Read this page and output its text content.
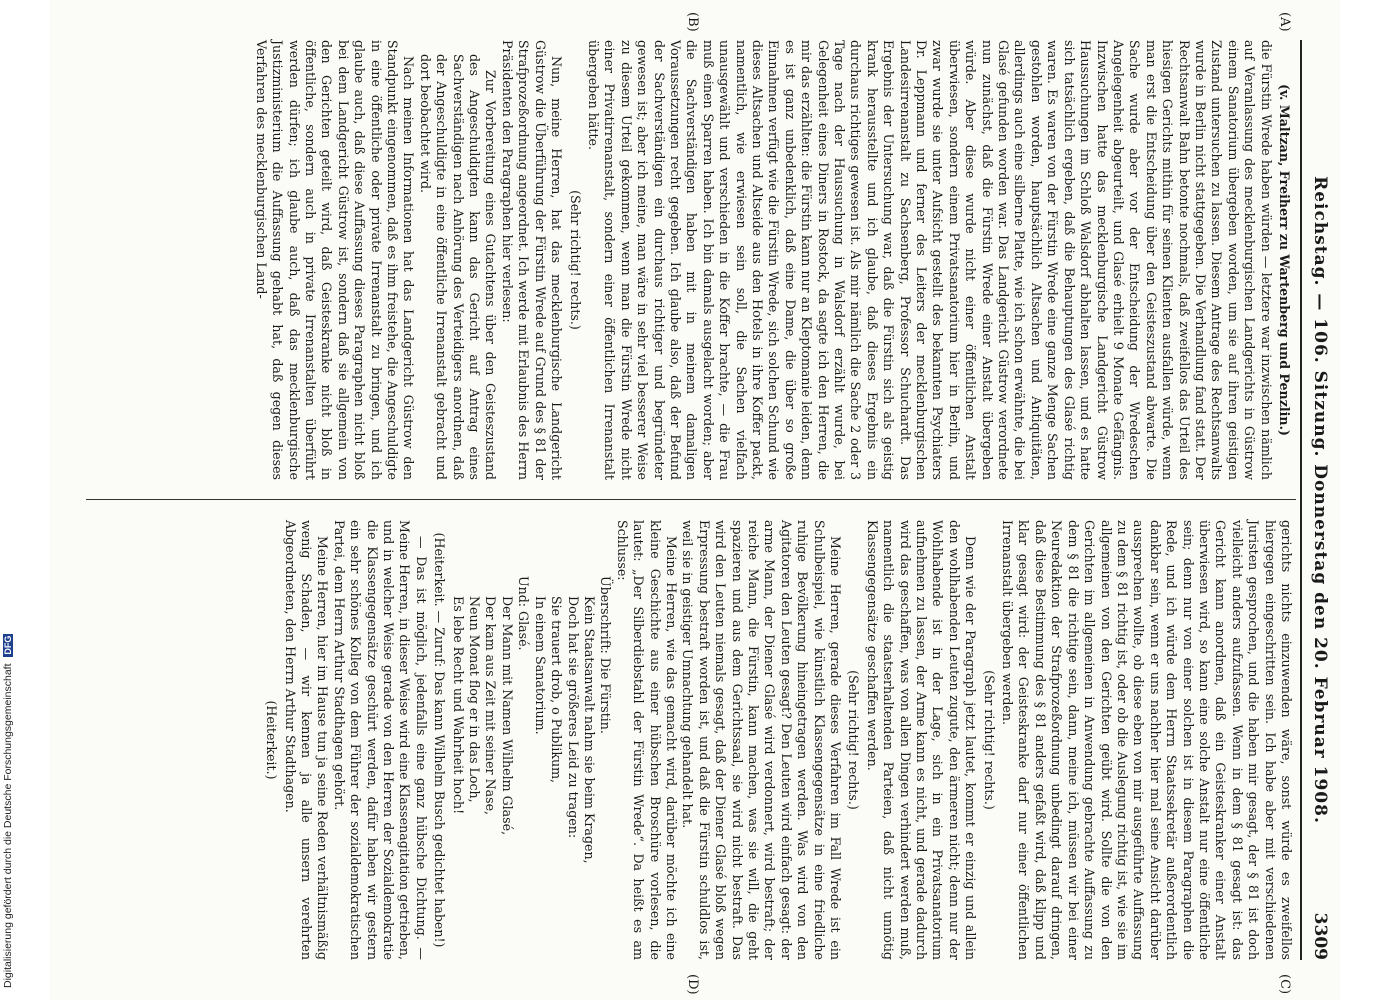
Digitalisierung gefördert durch die Deutsche Forschungsgemeinschaft DFG	Reichstag. — 106. Sitzung. Donnerstag den 20. Februar 1908.
3309
(A)
(B)
(C)
(D)

(v. Maltzan, Freiherr zu Wartenberg und Penzlin.)

die Fürstin Wrede haben würden — letztere war inzwischen nämlich auf Veranlassung des mecklenburgischen Landgerichts in Güstrow einem Sanatorium übergeben worden, um sie auf ihren geistigen Zustand untersuchen zu lassen. Diesem Antrage des Rechtsanwalts wurde in Berlin nicht stattgegeben. Die Verhandlung fand statt. Der Rechtsanwalt Bahn betonte nochmals, daß zweifellos das Urteil des hiesigen Gerichts mithin für seinen Klienten ausfallen würde, wenn man erst die Entscheidung über den Geisteszustand abwarte. Die Sache wurde aber vor der Entscheidung der Wredeschen Angelegenheit abgeurteilt, und Glasé erhielt 9 Monate Gefängnis. Inzwischen hatte das mecklenburgische Landgericht Güstrow Haussuchungen im Schloß Walsdorf abhalten lassen, und es hatte sich tatsächlich ergeben, daß die Behauptungen des Glasé richtig waren. Es waren von der Fürstin Wrede eine ganze Menge Sachen gestohlen worden, hauptsächlich Altsachen und Antiquitäten, allerdings auch eine silberne Platte, wie ich schon erwähnte, die bei Glasé gefunden worden war. Das Landgericht Güstrow verordnete nun zunächst, daß die Fürstin Wrede einer Anstalt übergeben würde. Aber diese wurde nicht einer öffentlichen Anstalt überwiesen, sondern einem Privatsanatorium hier in Berlin, und zwar wurde sie unter Aufsicht gestellt des bekannten Psychiaters Dr. Leppmann und ferner des Leiters der mecklenburgischen Landesirrenanstalt zu Sachsenberg, Professor Schuchardt. Das Ergebnis der Untersuchung war, daß die Fürstin sich als geistig krank herausstellte und ich glaube, daß dieses Ergebnis ein durchaus richtiges gewesen ist. Als mir nämlich die Sache 2 oder 3 Tage nach der Haussuchung in Walsdorf erzählt wurde, bei Gelegenheit eines Diners in Rostock, da sagte ich den Herren, die mir das erzählten: die Fürstin kann nur an Kleptomanie leiden, denn es ist ganz unbedenklich, daß eine Dame, die über so große Einnahmen verfügt wie die Fürstin Wrede, sich solchen Schund wie dieses Altsachen und Altseide aus den Hotels in ihre Koffer packt, namentlich, wie erwiesen sein soll, die Sachen vielfach unausgewählt und verschieden in die Koffer brachte, — die Frau muß einen Sparren haben. Ich bin damals ausgelacht worden; aber die Sachverständigen haben mit in meinem damaligen Voraussetzungen recht gegeben. Ich glaube also, daß der Befund der Sachverständigen ein durchaus richtiger und begründeter gewesen ist; aber ich meine, man wäre in sehr viel besserer Weise zu diesem Urteil gekommen, wenn man die Fürstin Wrede nicht einer Privatirrenanstalt, sondern einer öffentlichen Irrenanstalt übergeben hätte.

(Sehr richtig! rechts.)

Nun, meine Herren, hat das mecklenburgische Landgericht Güstrow die Überführung der Fürstin Wrede auf Grund des § 81 der Strafprozeßordnung angeordnet. Ich werde mit Erlaubnis des Herrn Präsidenten den Paragraphen hier verlesen:

Zur Vorbereitung eines Gutachtens über den Geisteszustand des Angeschuldigten kann das Gericht auf Antrag eines Sachverständigen nach Anhörung des Verteidigers anordnen, daß der Angeschuldigte in eine öffentliche Irrenanstalt gebracht und dort beobachtet wird.

Nach meinen Informationen hat das Landgericht Güstrow den Standpunkt eingenommen, daß es ihm freistehe, die Angeschuldigte in eine öffentliche oder private Irrenanstalt zu bringen, und ich glaube auch, daß diese Auffassung dieses Paragraphen nicht bloß bei dem Landgericht Güstrow ist, sondern daß sie allgemein von den Gerichten geteilt wird, daß Geisteskranke nicht bloß in öffentliche, sondern auch in private Irrenanstalten überführt werden dürfen; ich glaube auch, daß das mecklenburgische Justizministerium die Auffassung gehabt hat, daß gegen dieses Verfahren des mecklenburgischen Land-

gerichts nichts einzuwenden wäre, sonst würde es zweifellos hiergegen eingeschritten sein. Ich habe aber mit verschiedenen Juristen gesprochen, und die haben mir gesagt, der § 81 ist doch vielleicht anders aufzufassen. Wenn in dem § 81 gesagt ist: das Gericht kann anordnen, daß ein Geisteskranker einer Anstalt überwiesen wird, so kann eine solche Anstalt nur eine öffentliche sein; denn nur von einer solchen ist in diesem Paragraphen die Rede, und ich würde dem Herrn Staatssekretär außerordentlich dankbar sein, wenn er uns nachher hier mal seine Ansicht darüber aussprechen wollte, ob diese eben von mir ausgeführte Auffassung zu dem § 81 richtig ist, oder ob die Auslegung richtig ist, wie sie im allgemeinen von den Gerichten geübt wird. Sollte die von den Gerichten im allgemeinen in Anwendung gebrachte Auffassung zu dem § 81 die richtige sein, dann, meine ich, müssen wir bei einer Neuredaktion der Strafprozeßordnung unbedingt darauf dringen, daß diese Bestimmung des § 81 anders gefaßt wird, daß klipp und klar gesagt wird: der Geisteskranke darf nur einer öffentlichen Irrenanstalt übergeben werden.

(Sehr richtig! rechts.)

Denn wie der Paragraph jetzt lautet, kommt er einzig und allein den wohlhabenden Leuten zugute, den ärmeren nicht; denn nur der Wohlhabende ist in der Lage, sich in ein Privatsanatorium aufnehmen zu lassen, der Arme kann es nicht, und gerade dadurch wird das geschaffen, was von allen Dingen verhindert werden muß, namentlich die staatserhaltenden Parteien, daß nicht unnötig Klassengegensätze geschaffen werden.

(Sehr richtig! rechts.)

Meine Herren, gerade dieses Verfahren im Fall Wrede ist ein Schulbeispiel, wie künstlich Klassengegensätze in eine friedliche ruhige Bevölkerung hineingetragen werden. Was wird von den Agitatoren den Leuten gesagt? Den Leuten wird einfach gesagt: der arme Mann, der Diener Glasé wird verdonnert, wird bestraft; der reiche Mann, die Fürstin, kann machen, was sie will, die geht spazieren und aus dem Gerichtssaal, sie wird nicht bestraft. Das wird den Leuten niemals gesagt, daß der Diener Glasé bloß wegen Erpressung bestraft worden ist, und daß die Fürstin schuldlos ist, weil sie in geistiger Umnachtung gehandelt hat.

Meine Herren, wie das gemacht wird, darüber möchte ich eine kleine Geschichte aus einer hübschen Broschüre vorlesen, die lautet: „Der Silberdiebstahl der Fürstin Wrede“. Da heißt es am Schlusse:

Überschrift: Die Fürstin.

Kein Staatsanwalt nahm sie beim Kragen,

Doch hat sie größeres Leid zu tragen:

Sie trauert drob, o Publikum,

In einem Sanatorium.

Und: Glasé.

Der Mann mit Namen Wilhelm Glasé,

Der kam aus Zeit mit seiner Nase,

Neun Monat flog er in das Loch,

Es lebe Recht und Wahrheit hoch!

(Heiterkeit. — Zuruf: Das kann Wilhelm Busch gedichtet haben!)

— Das ist möglich, jedenfalls eine ganz hübsche Dichtung. — Meine Herren, in dieser Weise wird eine Klassenagitation getrieben, und in welcher Weise gerade von den Herren der Sozialdemokratie die Klassengegensätze geschürt werden, dafür haben wir gestern ein sehr schönes Kolleg von dem Führer der sozialdemokratischen Partei, dem Herrn Arthur Stadthagen gehört.

Meine Herren, hier im Hause tun ja seine Reden verhältnismäßig wenig Schaden, — wir kennen ja alle unsern verehrten Abgeordneten, den Herrn Arthur Stadthagen.

(Heiterkeit.)
